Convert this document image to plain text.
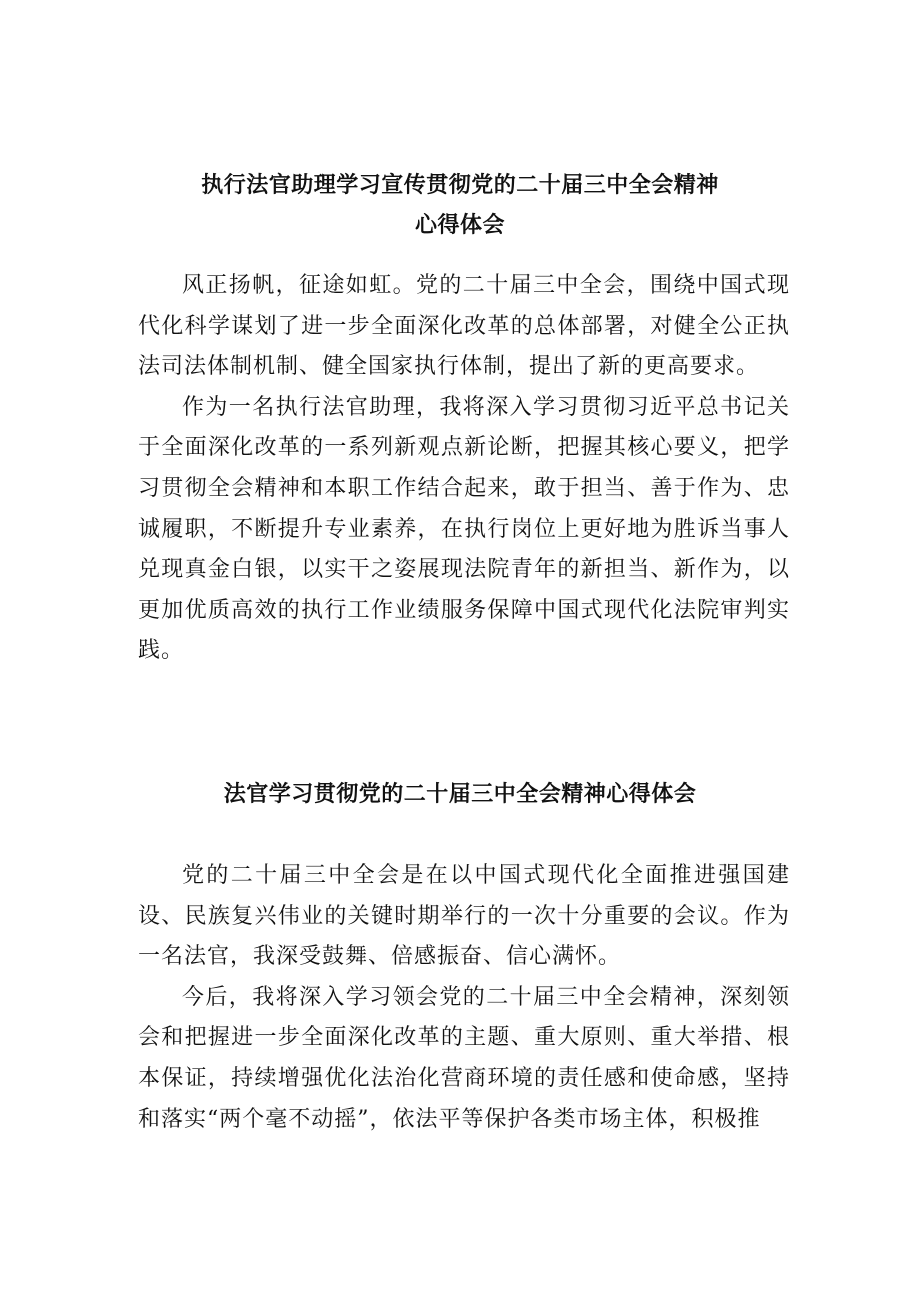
执行法官助理学习宣传贯彻党的二十届三中全会精神
心得体会

风正扬帆，征途如虹。党的二十届三中全会，围绕中国式现代化科学谋划了进一步全面深化改革的总体部署，对健全公正执法司法体制机制、健全国家执行体制，提出了新的更高要求。

作为一名执行法官助理，我将深入学习贯彻习近平总书记关于全面深化改革的一系列新观点新论断，把握其核心要义，把学习贯彻全会精神和本职工作结合起来，敢于担当、善于作为、忠诚履职，不断提升专业素养，在执行岗位上更好地为胜诉当事人兑现真金白银，以实干之姿展现法院青年的新担当、新作为，以更加优质高效的执行工作业绩服务保障中国式现代化法院审判实践。

法官学习贯彻党的二十届三中全会精神心得体会

党的二十届三中全会是在以中国式现代化全面推进强国建设、民族复兴伟业的关键时期举行的一次十分重要的会议。作为一名法官，我深受鼓舞、倍感振奋、信心满怀。

今后，我将深入学习领会党的二十届三中全会精神，深刻领会和把握进一步全面深化改革的主题、重大原则、重大举措、根本保证，持续增强优化法治化营商环境的责任感和使命感，坚持和落实“两个毫不动摇”，依法平等保护各类市场主体，积极推
